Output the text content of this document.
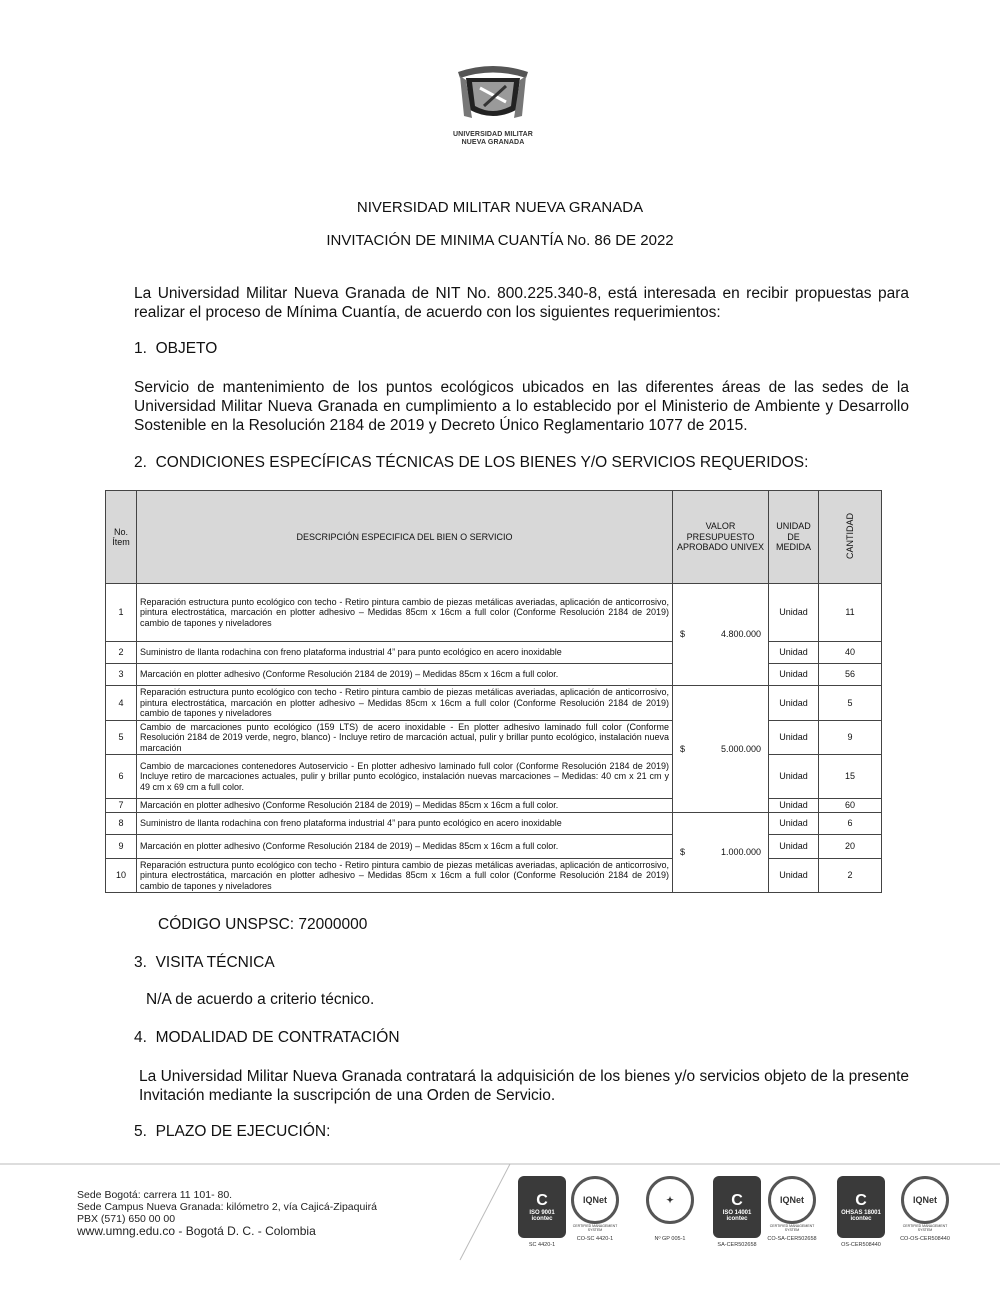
UNIVERSIDAD MILITAR
NUEVA GRANADA
NIVERSIDAD MILITAR NUEVA GRANADA
INVITACIÓN DE MINIMA CUANTÍA No. 86 DE 2022
La Universidad Militar Nueva Granada de NIT No. 800.225.340-8, está interesada en recibir propuestas para realizar el proceso de Mínima Cuantía, de acuerdo con los siguientes requerimientos:
1. OBJETO
Servicio de mantenimiento de los puntos ecológicos ubicados en las diferentes áreas de las sedes de la Universidad Militar Nueva Granada en cumplimiento a lo establecido por el Ministerio de Ambiente y Desarrollo Sostenible en la Resolución 2184 de 2019 y Decreto Único Reglamentario 1077 de 2015.
2. CONDICIONES ESPECÍFICAS TÉCNICAS DE LOS BIENES Y/O SERVICIOS REQUERIDOS:
No. Ítem	DESCRIPCIÓN ESPECIFICA DEL BIEN O SERVICIO	VALOR PRESUPUESTO APROBADO UNIVEX	UNIDAD DE MEDIDA	CANTIDAD
1	Reparación estructura punto ecológico con techo - Retiro pintura cambio de piezas metálicas averiadas, aplicación de anticorrosivo, pintura electrostática, marcación en plotter adhesivo – Medidas 85cm x 16cm a full color (Conforme Resolución 2184 de 2019) cambio de tapones y niveladores	$ 4.800.000	Unidad	11
2	Suministro de llanta rodachina con freno plataforma industrial 4” para punto ecológico en acero inoxidable		Unidad	40
3	Marcación en plotter adhesivo (Conforme Resolución 2184 de 2019) – Medidas 85cm x 16cm a full color.		Unidad	56
4	Reparación estructura punto ecológico con techo - Retiro pintura cambio de piezas metálicas averiadas, aplicación de anticorrosivo, pintura electrostática, marcación en plotter adhesivo – Medidas 85cm x 16cm a full color (Conforme Resolución 2184 de 2019) cambio de tapones y niveladores	$ 5.000.000	Unidad	5
5	Cambio de marcaciones punto ecológico (159 LTS) de acero inoxidable - En plotter adhesivo laminado full color (Conforme Resolución 2184 de 2019 verde, negro, blanco) - Incluye retiro de marcación actual, pulir y brillar punto ecológico, instalación nueva marcación		Unidad	9
6	Cambio de marcaciones contenedores Autoservicio - En plotter adhesivo laminado full color (Conforme Resolución 2184 de 2019) Incluye retiro de marcaciones actuales, pulir y brillar punto ecológico, instalación nuevas marcaciones – Medidas: 40 cm x 21 cm y 49 cm x 69 cm a full color.		Unidad	15
7	Marcación en plotter adhesivo (Conforme Resolución 2184 de 2019) – Medidas 85cm x 16cm a full color.		Unidad	60
8	Suministro de llanta rodachina con freno plataforma industrial 4” para punto ecológico en acero inoxidable	$ 1.000.000	Unidad	6
9	Marcación en plotter adhesivo (Conforme Resolución 2184 de 2019) – Medidas 85cm x 16cm a full color.		Unidad	20
10	Reparación estructura punto ecológico con techo - Retiro pintura cambio de piezas metálicas averiadas, aplicación de anticorrosivo, pintura electrostática, marcación en plotter adhesivo – Medidas 85cm x 16cm a full color (Conforme Resolución 2184 de 2019) cambio de tapones y niveladores		Unidad	2
CÓDIGO UNSPSC: 72000000
3. VISITA TÉCNICA
N/A de acuerdo a criterio técnico.
4. MODALIDAD DE CONTRATACIÓN
La Universidad Militar Nueva Granada contratará la adquisición de los bienes y/o servicios objeto de la presente Invitación mediante la suscripción de una Orden de Servicio.
5. PLAZO DE EJECUCIÓN:
Sede Bogotá: carrera 11 101- 80.
Sede Campus Nueva Granada: kilómetro 2, vía Cajicá-Zipaquirá
PBX (571) 650 00 00
www.umng.edu.co - Bogotá D. C. - Colombia
C
ISO 9001
icontec
SC 4420-1
IQNet
CERTIFIED MANAGEMENT SYSTEM
CO-SC 4420-1
✦
Nº GP 005-1
C
ISO 14001
icontec
SA-CER502658
IQNet
CERTIFIED MANAGEMENT SYSTEM
CO-SA-CER502658
C
OHSAS 18001
icontec
OS-CER508440
IQNet
CERTIFIED MANAGEMENT SYSTEM
CO-OS-CER508440
